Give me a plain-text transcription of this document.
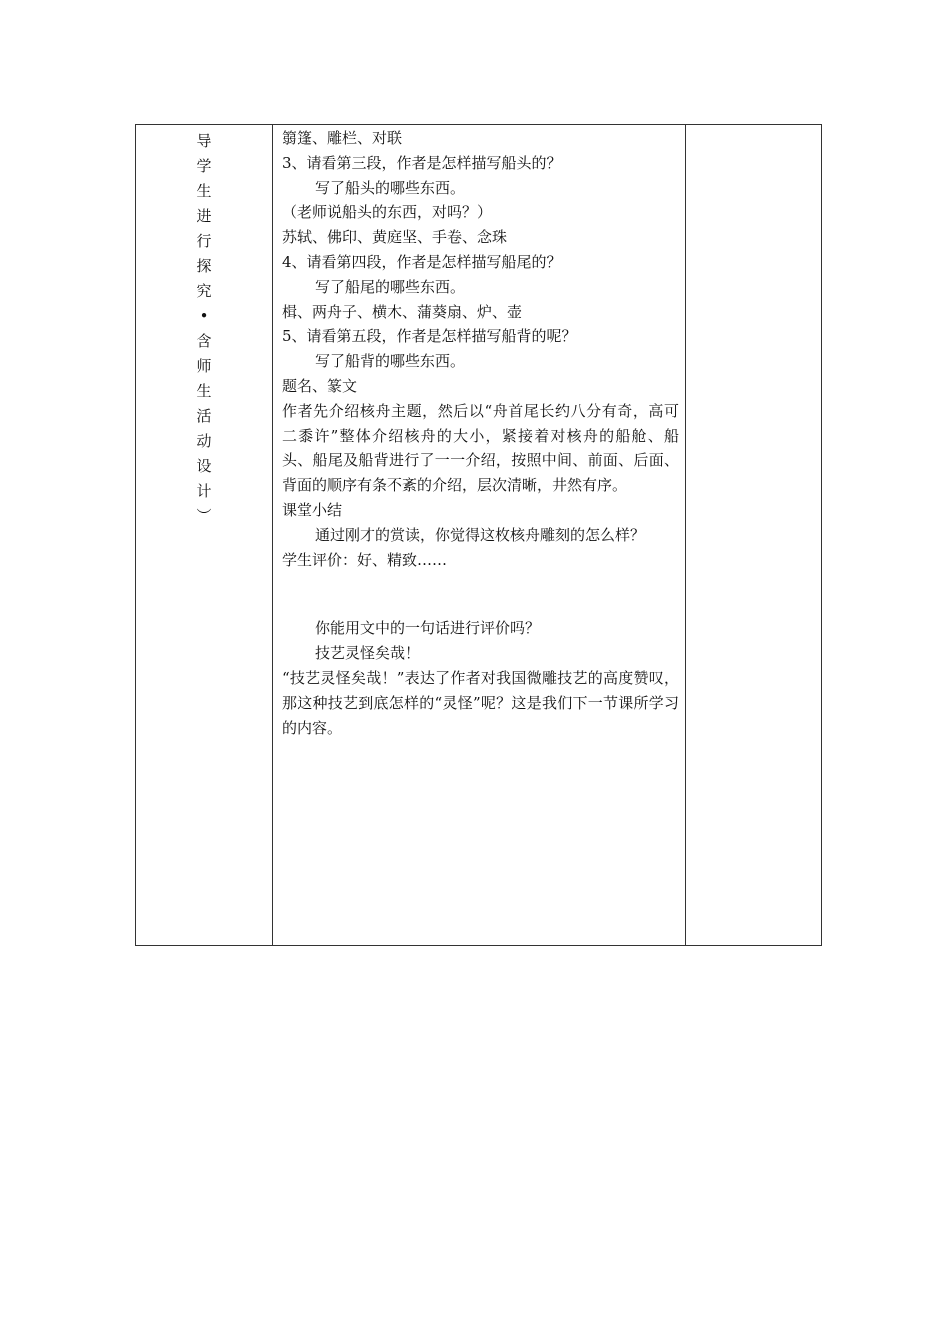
导
学
生
进
行
探
究
•
含
师
生
活
动
设
计
︶

篛篷、雕栏、对联

3、请看第三段，作者是怎样描写船头的？

写了船头的哪些东西。

（老师说船头的东西，对吗？）

苏轼、佛印、黄庭坚、手卷、念珠

4、请看第四段，作者是怎样描写船尾的？

写了船尾的哪些东西。

楫、两舟子、横木、蒲葵扇、炉、壶

5、请看第五段，作者是怎样描写船背的呢？

写了船背的哪些东西。

题名、篆文

作者先介绍核舟主题，然后以“舟首尾长约八分有奇，高可二黍许”整体介绍核舟的大小，紧接着对核舟的船舱、船头、船尾及船背进行了一一介绍，按照中间、前面、后面、背面的顺序有条不紊的介绍，层次清晰，井然有序。

课堂小结

通过刚才的赏读，你觉得这枚核舟雕刻的怎么样？

学生评价：好、精致……

你能用文中的一句话进行评价吗？

技艺灵怪矣哉！

“技艺灵怪矣哉！”表达了作者对我国微雕技艺的高度赞叹，那这种技艺到底怎样的“灵怪”呢？这是我们下一节课所学习的内容。
